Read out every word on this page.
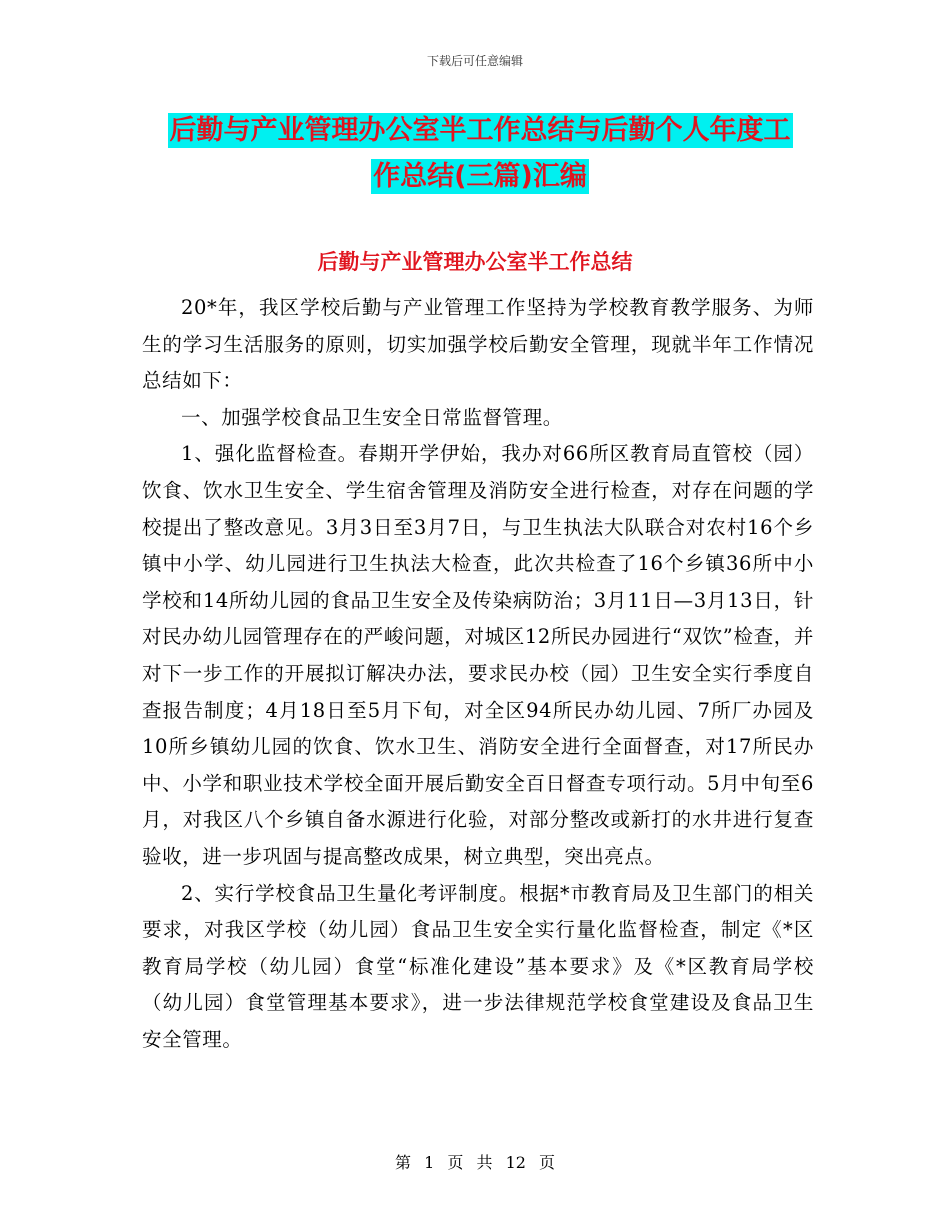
下载后可任意编辑
后勤与产业管理办公室半工作总结与后勤个人年度工
作总结(三篇)汇编
后勤与产业管理办公室半工作总结

20*年，我区学校后勤与产业管理工作坚持为学校教育教学服务、为师生的学习生活服务的原则，切实加强学校后勤安全管理，现就半年工作情况总结如下：

一、加强学校食品卫生安全日常监督管理。

1、强化监督检查。春期开学伊始，我办对66所区教育局直管校（园）饮食、饮水卫生安全、学生宿舍管理及消防安全进行检查，对存在问题的学校提出了整改意见。3月3日至3月7日，与卫生执法大队联合对农村16个乡镇中小学、幼儿园进行卫生执法大检查，此次共检查了16个乡镇36所中小学校和14所幼儿园的食品卫生安全及传染病防治；3月11日—3月13日，针对民办幼儿园管理存在的严峻问题，对城区12所民办园进行“双饮”检查，并对下一步工作的开展拟订解决办法，要求民办校（园）卫生安全实行季度自查报告制度；4月18日至5月下旬，对全区94所民办幼儿园、7所厂办园及10所乡镇幼儿园的饮食、饮水卫生、消防安全进行全面督查，对17所民办中、小学和职业技术学校全面开展后勤安全百日督查专项行动。5月中旬至6月，对我区八个乡镇自备水源进行化验，对部分整改或新打的水井进行复查验收，进一步巩固与提高整改成果，树立典型，突出亮点。

2、实行学校食品卫生量化考评制度。根据*市教育局及卫生部门的相关要求，对我区学校（幼儿园）食品卫生安全实行量化监督检查，制定《*区教育局学校（幼儿园）食堂“标准化建设”基本要求》及《*区教育局学校（幼儿园）食堂管理基本要求》，进一步法律规范学校食堂建设及食品卫生安全管理。

第 1 页 共 12 页
